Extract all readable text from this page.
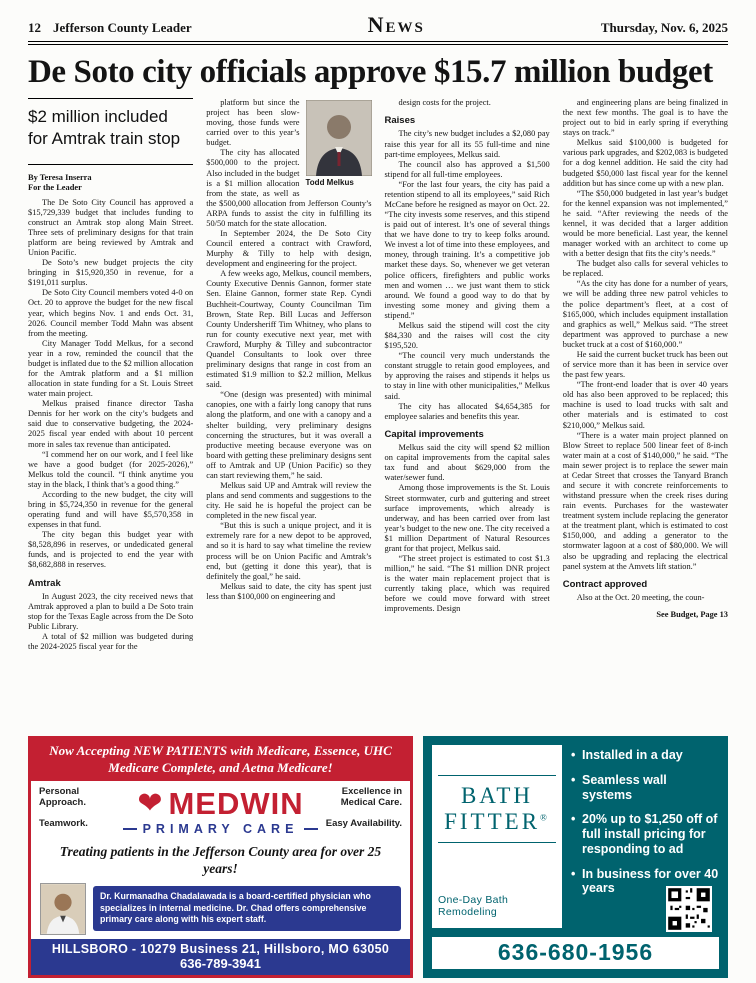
12 Jefferson County Leader	News	Thursday, Nov. 6, 2025
De Soto city officials approve $15.7 million budget
$2 million included for Amtrak train stop
By Teresa Inserra
For the Leader

The De Soto City Council has approved a $15,729,339 budget that includes funding to construct an Amtrak stop along Main Street. Three sets of preliminary designs for that train platform are being reviewed by Amtrak and Union Pacific.

De Soto’s new budget projects the city bringing in $15,920,350 in revenue, for a $191,011 surplus.

De Soto City Council members voted 4-0 on Oct. 20 to approve the budget for the new fiscal year, which begins Nov. 1 and ends Oct. 31, 2026. Council member Todd Mahn was absent from the meeting.

City Manager Todd Melkus, for a second year in a row, reminded the council that the budget is inflated due to the $2 million allocation for the Amtrak platform and a $1 million allocation in state funding for a St. Louis Street water main project.

Melkus praised finance director Tasha Dennis for her work on the city’s budgets and said due to conservative budgeting, the 2024-2025 fiscal year ended with about 10 percent more in sales tax revenue than anticipated.

“I commend her on our work, and I feel like we have a good budget (for 2025-2026),” Melkus told the council. “I think anytime you stay in the black, I think that’s a good thing.”

According to the new budget, the city will bring in $5,724,350 in revenue for the general operating fund and will have $5,570,358 in expenses in that fund.

The city began this budget year with $8,528,896 in reserves, or undedicated general funds, and is projected to end the year with $8,682,888 in reserves.

Amtrak

In August 2023, the city received news that Amtrak approved a plan to build a De Soto train stop for the Texas Eagle across from the De Soto Public Library.

A total of $2 million was budgeted during the 2024-2025 fiscal year for the

Todd Melkus

platform but since the project has been slow-moving, those funds were carried over to this year’s budget.

The city has allocated $500,000 to the project. Also included in the budget is a $1 million allocation from the state, as well as the $500,000 allocation from Jefferson County’s ARPA funds to assist the city in fulfilling its 50/50 match for the state allocation.

In September 2024, the De Soto City Council entered a contract with Crawford, Murphy & Tilly to help with design, development and engineering for the project.

A few weeks ago, Melkus, council members, County Executive Dennis Gannon, former state Sen. Elaine Gannon, former state Rep. Cyndi Buchheit-Courtway, County Councilman Tim Brown, State Rep. Bill Lucas and Jefferson County Undersheriff Tim Whitney, who plans to run for county executive next year, met with Crawford, Murphy & Tilley and subcontractor Quandel Consultants to look over three preliminary designs that range in cost from an estimated $1.9 million to $2.2 million, Melkus said.

“One (design was presented) with minimal canopies, one with a fairly long canopy that runs along the platform, and one with a canopy and a shelter building, very preliminary designs concerning the structures, but it was overall a productive meeting because everyone was on board with getting these preliminary designs sent off to Amtrak and UP (Union Pacific) so they can start reviewing them,” he said.

Melkus said UP and Amtrak will review the plans and send comments and suggestions to the city. He said he is hopeful the project can be completed in the new fiscal year.

“But this is such a unique project, and it is extremely rare for a new depot to be approved, and so it is hard to say what timeline the review process will be on Union Pacific and Amtrak’s end, but (getting it done this year), that is definitely the goal,” he said.

Melkus said to date, the city has spent just less than $100,000 on engineering and

design costs for the project.

Raises

The city’s new budget includes a $2,080 pay raise this year for all its 55 full-time and nine part-time employees, Melkus said.

The council also has approved a $1,500 stipend for all full-time employees.

“For the last four years, the city has paid a retention stipend to all its employees,” said Rich McCane before he resigned as mayor on Oct. 22. “The city invests some reserves, and this stipend is paid out of interest. It’s one of several things that we have done to try to keep folks around. We invest a lot of time into these employees, and money, through training. It’s a competitive job market these days. So, whenever we get veteran police officers, firefighters and public works men and women … we just want them to stick around. We found a good way to do that by investing some money and giving them a stipend.”

Melkus said the stipend will cost the city $84,330 and the raises will cost the city $195,520.

“The council very much understands the constant struggle to retain good employees, and by approving the raises and stipends it helps us to stay in line with other municipalities,” Melkus said.

The city has allocated $4,654,385 for employee salaries and benefits this year.

Capital improvements

Melkus said the city will spend $2 million on capital improvements from the capital sales tax fund and about $629,000 from the water/sewer fund.

Among those improvements is the St. Louis Street stormwater, curb and guttering and street surface improvements, which already is underway, and has been carried over from last year’s budget to the new one. The city received a $1 million Department of Natural Resources grant for that project, Melkus said.

“The street project is estimated to cost $1.3 million,” he said. “The $1 million DNR project is the water main replacement project that is currently taking place, which was required before we could move forward with street improvements. Design

and engineering plans are being finalized in the next few months. The goal is to have the project out to bid in early spring if everything stays on track.”

Melkus said $100,000 is budgeted for various park upgrades, and $202,083 is budgeted for a dog kennel addition. He said the city had budgeted $50,000 last fiscal year for the kennel addition but has since come up with a new plan.

“The $50,000 budgeted in last year’s budget for the kennel expansion was not implemented,” he said. “After reviewing the needs of the kennel, it was decided that a larger addition would be more beneficial. Last year, the kennel manager worked with an architect to come up with a better design that fits the city’s needs.”

The budget also calls for several vehicles to be replaced.

“As the city has done for a number of years, we will be adding three new patrol vehicles to the police department’s fleet, at a cost of $165,000, which includes equipment installation and graphics as well,” Melkus said. “The street department was approved to purchase a new bucket truck at a cost of $160,000.”

He said the current bucket truck has been out of service more than it has been in service over the past few years.

“The front-end loader that is over 40 years old has also been approved to be replaced; this machine is used to load trucks with salt and other materials and is estimated to cost $210,000,” Melkus said.

“There is a water main project planned on Blow Street to replace 500 linear feet of 8-inch water main at a cost of $140,000,” he said. “The main sewer project is to replace the sewer main at Cedar Street that crosses the Tanyard Branch and secure it with concrete reinforcements to withstand pressure when the creek rises during rain events. Purchases for the wastewater treatment system include replacing the generator at the treatment plant, which is estimated to cost $150,000, and adding a generator to the stormwater lagoon at a cost of $80,000. We will also be upgrading and replacing the electrical panel system at the Amvets lift station.”

Contract approved

Also at the Oct. 20 meeting, the coun-

See Budget, Page 13
Now Accepting NEW PATIENTS with Medicare, Essence, UHC Medicare Complete, and Aetna Medicare!
Personal Approach.
Teamwork.
❤ MEDWIN
PRIMARY CARE
Excellence in Medical Care.
Easy Availability.
Treating patients in the Jefferson County area for over 25 years!
Dr. Kurmanadha Chadalawada is a board-certified physician who specializes in internal medicine. Dr. Chad offers comprehensive primary care along with his expert staff.
HILLSBORO - 10279 Business 21, Hillsboro, MO 63050
636-789-3941
BATH
FITTER®
One-Day Bath Remodeling
• Installed in a day
• Seamless wall systems
• 20% up to $1,250 off of full install pricing for responding to ad
• In business for over 40 years
636-680-1956
